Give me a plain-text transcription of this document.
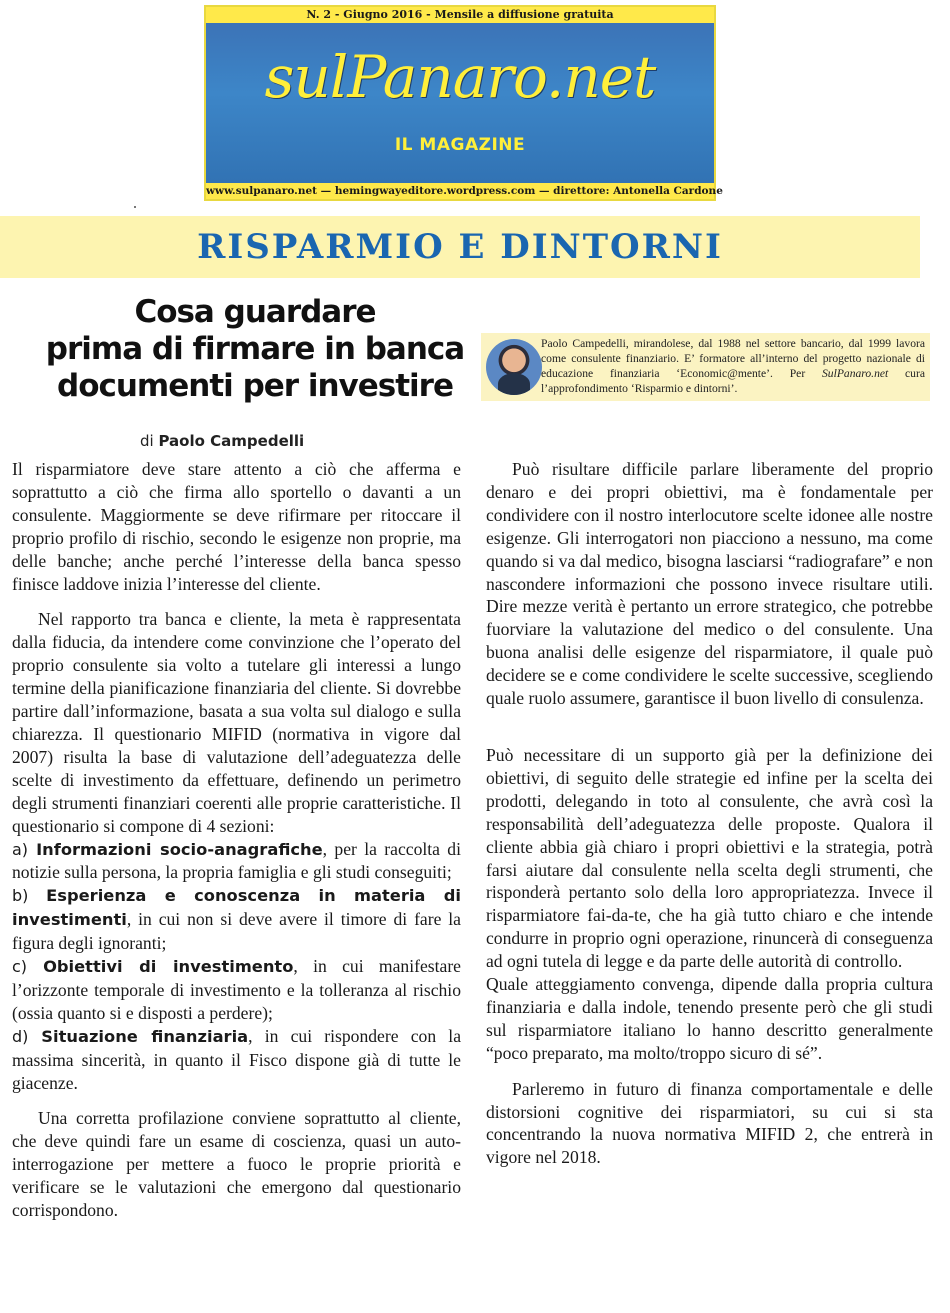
N. 2 - Giugno 2016 - Mensile a diffusione gratuita
sulPanaro.net
IL MAGAZINE
www.sulpanaro.net — hemingwayeditore.wordpress.com — direttore: Antonella Cardone
RISPARMIO E DINTORNI
Cosa guardare
prima di firmare in banca
documenti per investire
Paolo Campedelli, mirandolese, dal 1988 nel settore bancario, dal 1999 lavora come consulente finanziario. E’ formatore all’interno del progetto nazionale di educazione finanziaria ‘Economic@mente’. Per SulPanaro.net cura l’approfondimento ‘Risparmio e dintorni’.
di Paolo Campedelli

Il risparmiatore deve stare attento a ciò che afferma e soprattutto a ciò che firma allo sportello o davanti a un consulente. Maggiormente se deve rifirmare per ritoccare il proprio profilo di rischio, secondo le esigenze non proprie, ma delle banche; anche perché l’interesse della banca spesso finisce laddove inizia l’interesse del cliente.

Nel rapporto tra banca e cliente, la meta è rappresentata dalla fiducia, da intendere come convinzione che l’operato del proprio consulente sia volto a tutelare gli interessi a lungo termine della pianificazione finanziaria del cliente. Si dovrebbe partire dall’informazione, basata a sua volta sul dialogo e sulla chiarezza. Il questionario MIFID (normativa in vigore dal 2007) risulta la base di valutazione dell’adeguatezza delle scelte di investimento da effettuare, definendo un perimetro degli strumenti finanziari coerenti alle proprie caratteristiche. Il questionario si compone di 4 sezioni:

a) Informazioni socio-anagrafiche, per la raccolta di notizie sulla persona, la propria famiglia e gli studi conseguiti;

b) Esperienza e conoscenza in materia di investimenti, in cui non si deve avere il timore di fare la figura degli ignoranti;

c) Obiettivi di investimento, in cui manifestare l’orizzonte temporale di investimento e la tolleranza al rischio (ossia quanto si e disposti a perdere);

d) Situazione finanziaria, in cui rispondere con la massima sincerità, in quanto il Fisco dispone già di tutte le giacenze.

Una corretta profilazione conviene soprattutto al cliente, che deve quindi fare un esame di coscienza, quasi un auto-interrogazione per mettere a fuoco le proprie priorità e verificare se le valutazioni che emergono dal questionario corrispondono.

Può risultare difficile parlare liberamente del proprio denaro e dei propri obiettivi, ma è fondamentale per condividere con il nostro interlocutore scelte idonee alle nostre esigenze. Gli interrogatori non piacciono a nessuno, ma come quando si va dal medico, bisogna lasciarsi “radiografare” e non nascondere informazioni che possono invece risultare utili. Dire mezze verità è pertanto un errore strategico, che potrebbe fuorviare la valutazione del medico o del consulente. Una buona analisi delle esigenze del risparmiatore, il quale può decidere se e come condividere le scelte successive, scegliendo quale ruolo assumere, garantisce il buon livello di consulenza.

Può necessitare di un supporto già per la definizione dei obiettivi, di seguito delle strategie ed infine per la scelta dei prodotti, delegando in toto al consulente, che avrà così la responsabilità dell’adeguatezza delle proposte. Qualora il cliente abbia già chiaro i propri obiettivi e la strategia, potrà farsi aiutare dal consulente nella scelta degli strumenti, che risponderà pertanto solo della loro appropriatezza. Invece il risparmiatore fai-da-te, che ha già tutto chiaro e che intende condurre in proprio ogni operazione, rinuncerà di conseguenza ad ogni tutela di legge e da parte delle autorità di controllo.

Quale atteggiamento convenga, dipende dalla propria cultura finanziaria e dalla indole, tenendo presente però che gli studi sul risparmiatore italiano lo hanno descritto generalmente “poco preparato, ma molto/troppo sicuro di sé”.

Parleremo in futuro di finanza comportamentale e delle distorsioni cognitive dei risparmiatori, su cui si sta concentrando la nuova normativa MIFID 2, che entrerà in vigore nel 2018.
